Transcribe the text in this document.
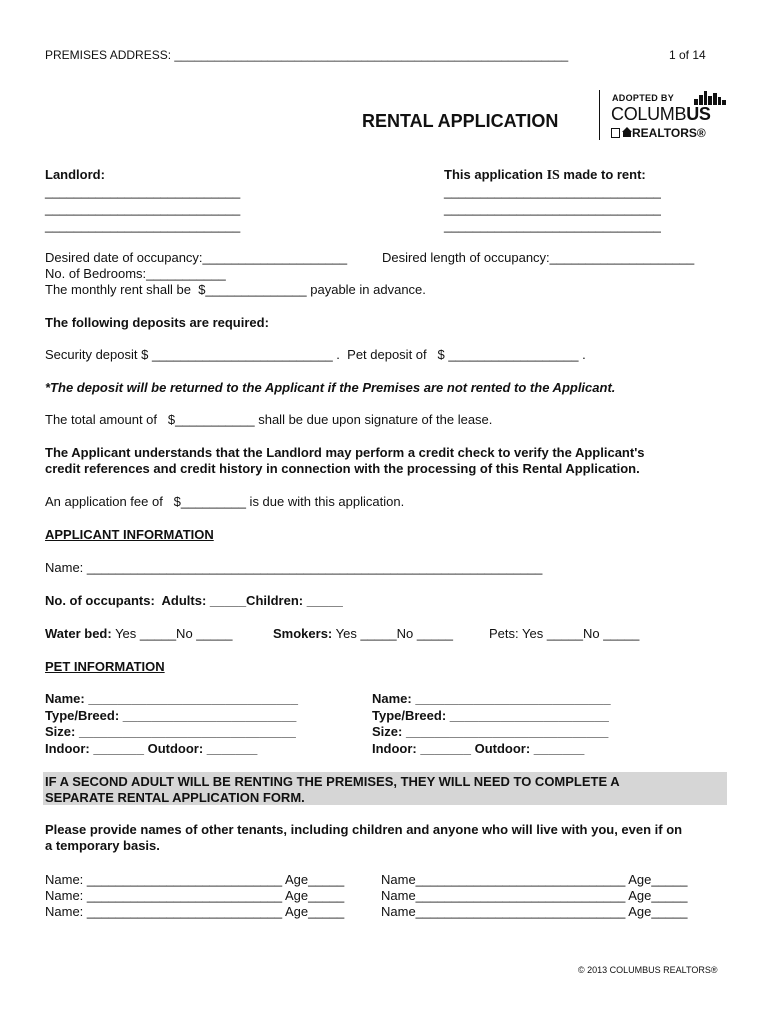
PREMISES ADDRESS: ___________________________________________________________	1 of 14
RENTAL APPLICATION
ADOPTED BY
COLUMBUS
REALTORS®
Landlord:
___________________________
___________________________
___________________________
This application IS made to rent:
______________________________
______________________________
______________________________
Desired date of occupancy:____________________	Desired length of occupancy:____________________
No. of Bedrooms:___________
The monthly rent shall be  $______________ payable in advance.
The following deposits are required:
Security deposit $ _________________________ .  Pet deposit of   $ __________________ .
*The deposit will be returned to the Applicant if the Premises are not rented to the Applicant.
The total amount of   $___________ shall be due upon signature of the lease.
The Applicant understands that the Landlord may perform a credit check to verify the Applicant's
credit references and credit history in connection with the processing of this Rental Application.
An application fee of   $_________ is due with this application.
APPLICANT INFORMATION
Name: _______________________________________________________________
No. of occupants:  Adults: _____Children: _____
Water bed: Yes _____No _____	Smokers: Yes _____No _____	Pets: Yes _____No _____
PET INFORMATION
Name: _____________________________
Type/Breed: ________________________
Size: ______________________________
Indoor: _______ Outdoor: _______
Name: ___________________________
Type/Breed: ______________________
Size: ____________________________
Indoor: _______ Outdoor: _______
IF A SECOND ADULT WILL BE RENTING THE PREMISES, THEY WILL NEED TO COMPLETE A
SEPARATE RENTAL APPLICATION FORM.
Please provide names of other tenants, including children and anyone who will live with you, even if on
a temporary basis.
Name: ___________________________ Age_____
Name: ___________________________ Age_____
Name: ___________________________ Age_____
Name_____________________________ Age_____
Name_____________________________ Age_____
Name_____________________________ Age_____
© 2013 COLUMBUS REALTORS®
